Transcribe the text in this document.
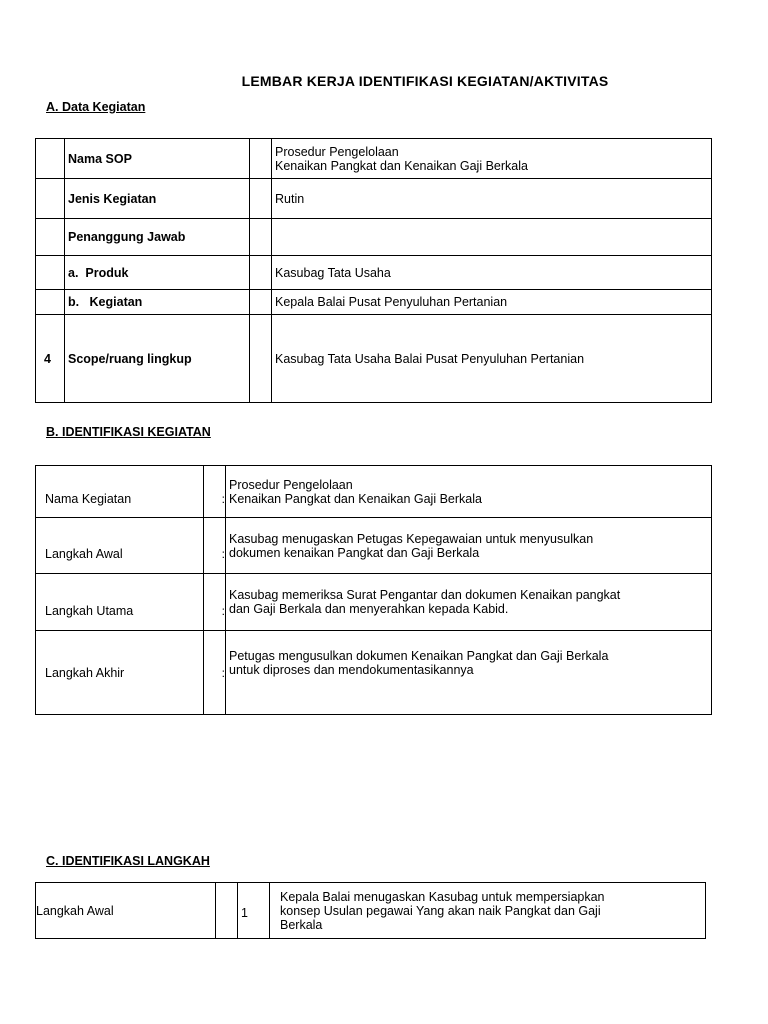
LEMBAR KERJA IDENTIFIKASI KEGIATAN/AKTIVITAS
A. Data Kegiatan
	Nama SOP		Prosedur Pengelolaan
Kenaikan Pangkat dan Kenaikan Gaji Berkala
	Jenis Kegiatan		Rutin
	Penanggung Jawab		
	a.  Produk		Kasubag Tata Usaha
	b.   Kegiatan		Kepala Balai Pusat Penyuluhan Pertanian
4	Scope/ruang lingkup		Kasubag Tata Usaha Balai Pusat Penyuluhan Pertanian
B. IDENTIFIKASI KEGIATAN
Nama Kegiatan	:	Prosedur Pengelolaan
Kenaikan Pangkat dan Kenaikan Gaji Berkala
Langkah Awal	:	Kasubag menugaskan Petugas Kepegawaian untuk menyusulkan
dokumen kenaikan Pangkat dan Gaji Berkala
Langkah Utama	:	Kasubag memeriksa Surat Pengantar dan dokumen Kenaikan pangkat
dan Gaji Berkala dan menyerahkan kepada Kabid.
Langkah Akhir	:	Petugas mengusulkan dokumen Kenaikan Pangkat dan Gaji Berkala
untuk diproses dan mendokumentasikannya
C. IDENTIFIKASI LANGKAH
Langkah Awal		1	Kepala Balai menugaskan Kasubag untuk mempersiapkan
konsep Usulan pegawai Yang akan naik Pangkat dan Gaji
Berkala
